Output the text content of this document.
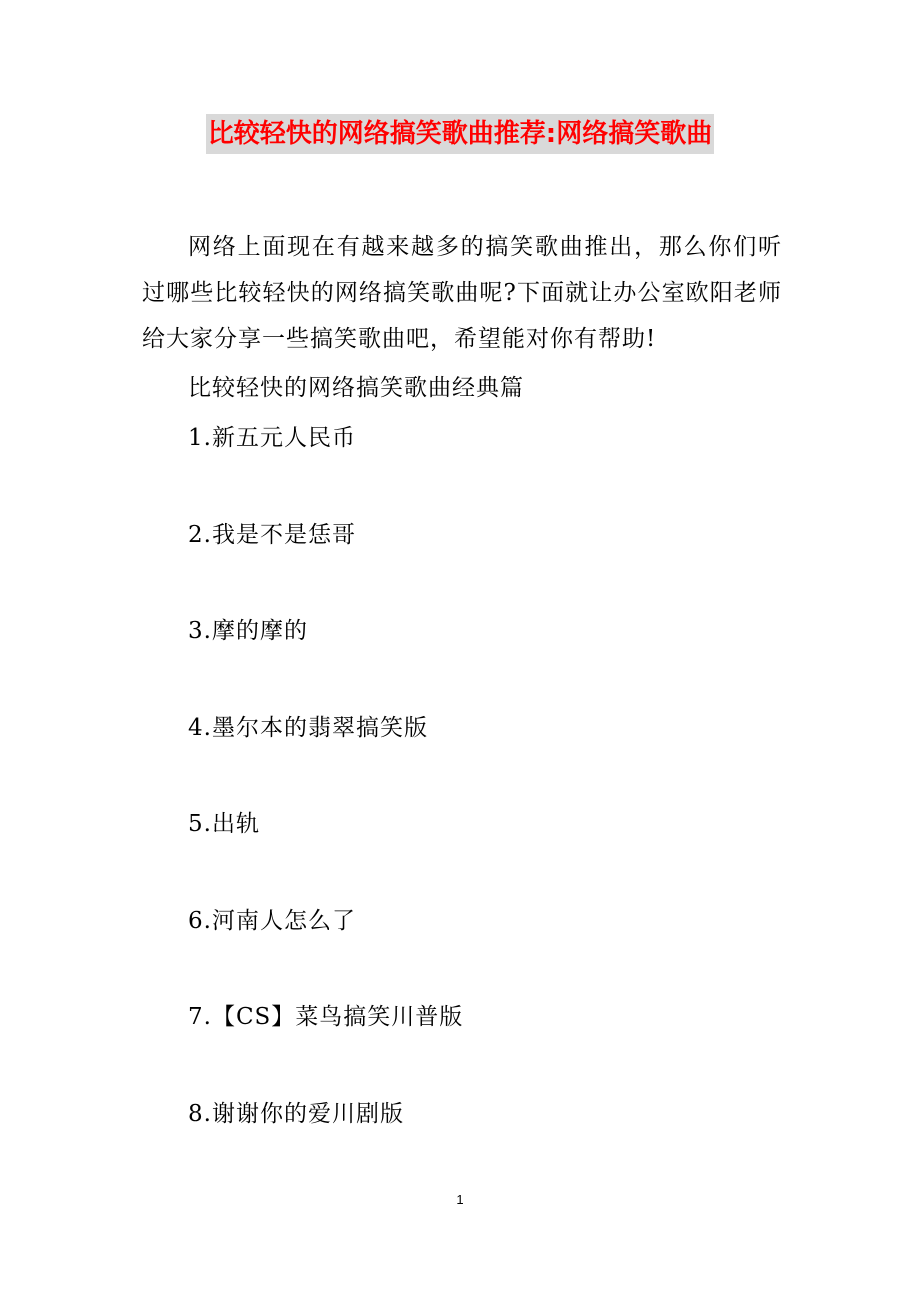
比较轻快的网络搞笑歌曲推荐:网络搞笑歌曲

网络上面现在有越来越多的搞笑歌曲推出，那么你们听过哪些比较轻快的网络搞笑歌曲呢?下面就让办公室欧阳老师给大家分享一些搞笑歌曲吧，希望能对你有帮助!

比较轻快的网络搞笑歌曲经典篇

1.新五元人民币
2.我是不是恁哥
3.摩的摩的
4.墨尔本的翡翠搞笑版
5.出轨
6.河南人怎么了
7.【CS】菜鸟搞笑川普版
8.谢谢你的爱川剧版
1
